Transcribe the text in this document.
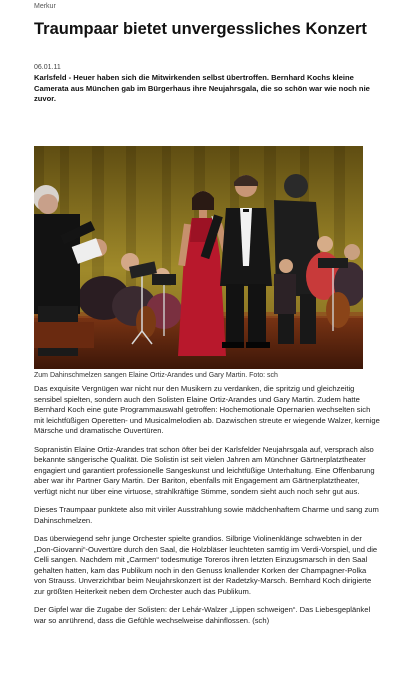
Merkur
Traumpaar bietet unvergessliches Konzert
06.01.11

Karlsfeld - Heuer haben sich die Mitwirkenden selbst übertroffen. Bernhard Kochs kleine Camerata aus München gab im Bürgerhaus ihre Neujahrsgala, die so schön war wie noch nie zuvor.

Zum Dahinschmelzen sangen Elaine Ortiz-Arandes und Gary Martin. Foto: sch

Das exquisite Vergnügen war nicht nur den Musikern zu verdanken, die spritzig und gleichzeitig sensibel spielten, sondern auch den Solisten Elaine Ortiz-Arandes und Gary Martin. Zudem hatte Bernhard Koch eine gute Programmauswahl getroffen: Hochemotionale Opernarien wechselten sich mit leichtfüßigen Operetten- und Musicalmelodien ab. Dazwischen streute er wiegende Walzer, kernige Märsche und dramatische Ouvertüren.

Sopranistin Elaine Ortiz-Arandes trat schon öfter bei der Karlsfelder Neujahrsgala auf, versprach also bekannte sängerische Qualität. Die Solistin ist seit vielen Jahren am Münchner Gärtnerplatztheater engagiert und garantiert professionelle Sangeskunst und leichtfüßige Unterhaltung. Eine Offenbarung aber war ihr Partner Gary Martin. Der Bariton, ebenfalls mit Engagement am Gärtnerplatztheater, verfügt nicht nur über eine virtuose, strahlkräftige Stimme, sondern sieht auch noch sehr gut aus.

Dieses Traumpaar punktete also mit viriler Ausstrahlung sowie mädchenhaftem Charme und sang zum Dahinschmelzen.

Das überwiegend sehr junge Orchester spielte grandios. Silbrige Violinenklänge schwebten in der „Don-Giovanni“-Ouvertüre durch den Saal, die Holzbläser leuchteten samtig im Verdi-Vorspiel, und die Celli sangen. Nachdem mit „Carmen“ todesmutige Toreros ihren letzten Einzugsmarsch in den Saal gehalten hatten, kam das Publikum noch in den Genuss knallender Korken der Champagner-Polka von Strauss. Unverzichtbar beim Neujahrskonzert ist der Radetzky-Marsch. Bernhard Koch dirigierte zur größten Heiterkeit neben dem Orchester auch das Publikum.

Der Gipfel war die Zugabe der Solisten: der Lehár-Walzer „Lippen schweigen“. Das Liebesgeplänkel war so anrührend, dass die Gefühle wechselweise dahinflossen. (sch)
